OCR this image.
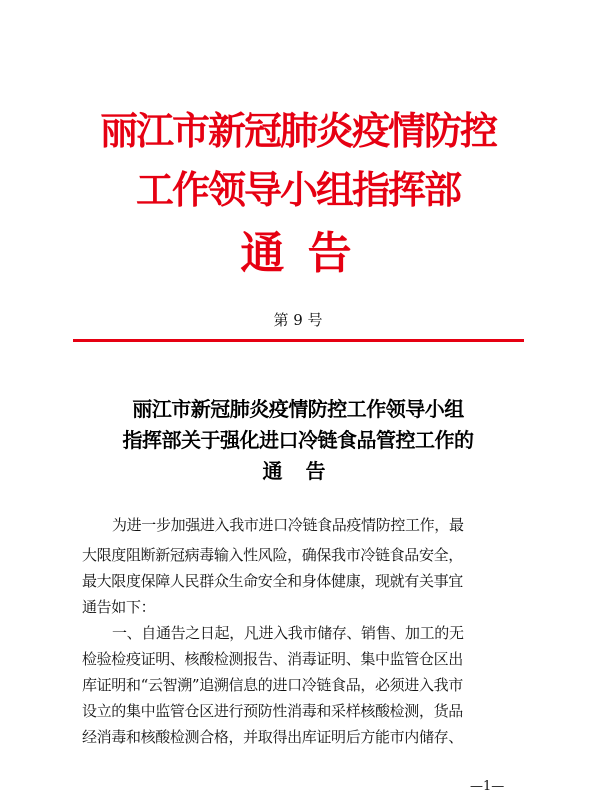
丽江市新冠肺炎疫情防控
工作领导小组指挥部
通 告
第 9 号
丽江市新冠肺炎疫情防控工作领导小组
指挥部关于强化进口冷链食品管控工作的
通 告
为进一步加强进入我市进口冷链食品疫情防控工作，最
大限度阻断新冠病毒输入性风险，确保我市冷链食品安全，
最大限度保障人民群众生命安全和身体健康，现就有关事宜
通告如下：
一、自通告之日起，凡进入我市储存、销售、加工的无
检验检疫证明、核酸检测报告、消毒证明、集中监管仓区出
库证明和“云智溯”追溯信息的进口冷链食品，必须进入我市
设立的集中监管仓区进行预防性消毒和采样核酸检测，货品
经消毒和核酸检测合格，并取得出库证明后方能市内储存、
—1—
